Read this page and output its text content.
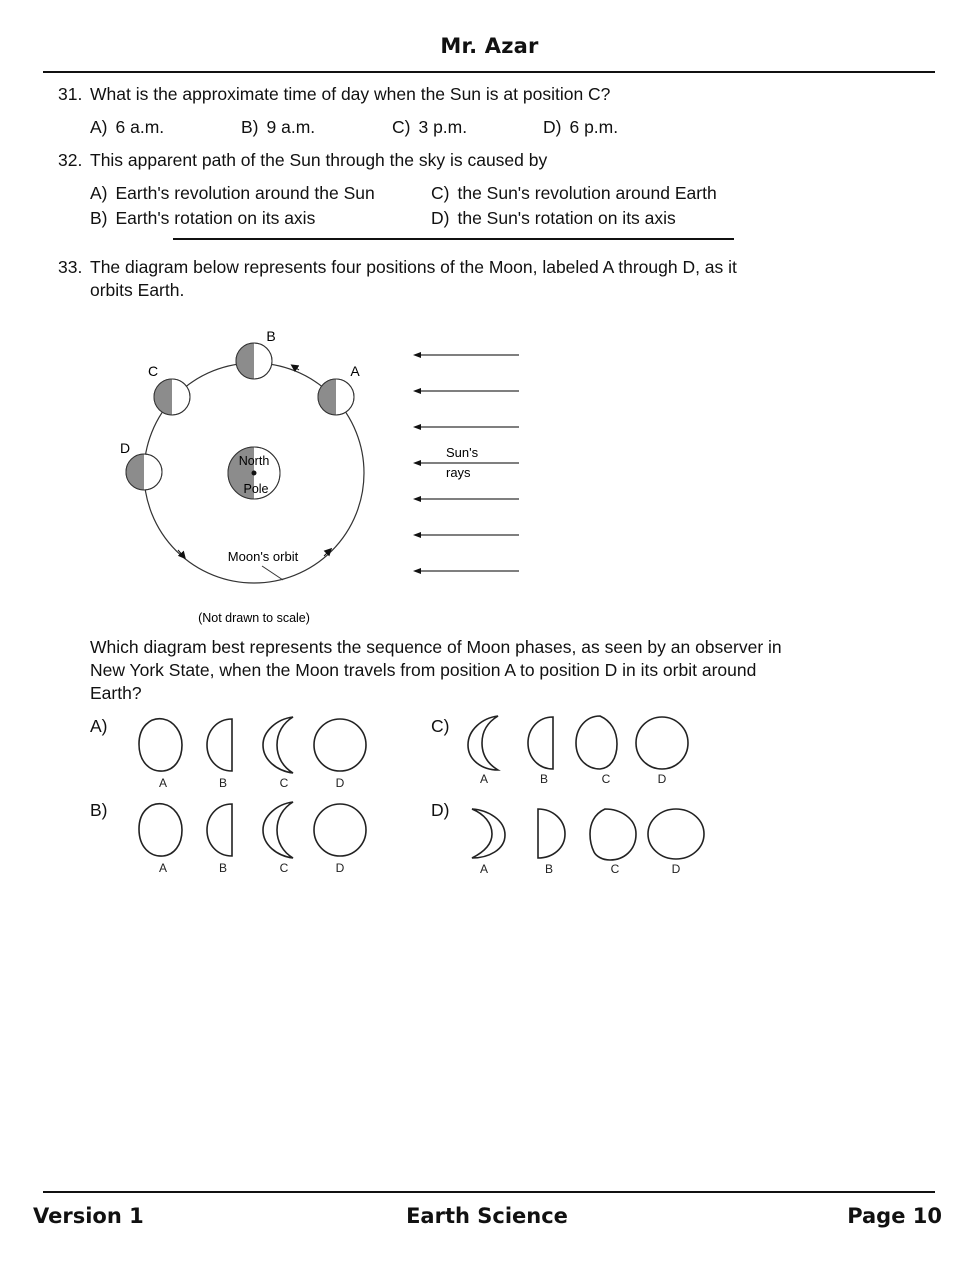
Mr. Azar
31. What is the approximate time of day when the Sun is at position C?
A) 6 a.m.	B) 9 a.m.	C) 3 p.m.	D) 6 p.m.
32. This apparent path of the Sun through the sky is caused by
A) Earth's revolution around the Sun
B) Earth's rotation on its axis
C) the Sun's revolution around Earth
D) the Sun's rotation on its axis
33. The diagram below represents four positions of the Moon, labeled A through D, as it
orbits Earth.
North
Pole
A
B
C
D
Moon's orbit
(Not drawn to scale)
Sun's
rays
Which diagram best represents the sequence of Moon phases, as seen by an observer in
New York State, when the Moon travels from position A to position D in its orbit around
Earth?
A)
B)
C)
D)
A	B	C	D
A	B	C	D
A	B	C	D
A	B	C	D
Version 1	Earth Science	Page 10
